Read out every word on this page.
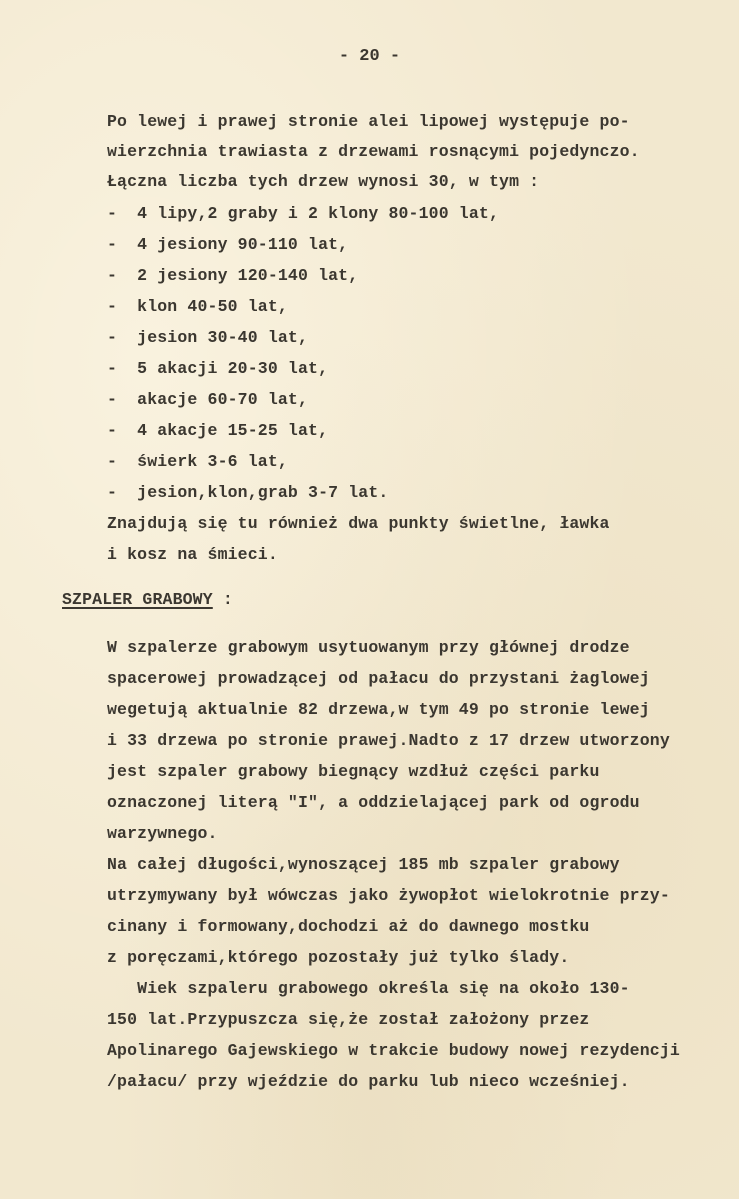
- 20 -
Po lewej i prawej stronie alei lipowej występuje po-
wierzchnia trawiasta z drzewami rosnącymi pojedynczo.
Łączna liczba tych drzew wynosi 30, w tym :
-  4 lipy,2 graby i 2 klony 80-100 lat,
-  4 jesiony 90-110 lat,
-  2 jesiony 120-140 lat,
-  klon 40-50 lat,
-  jesion 30-40 lat,
-  5 akacji 20-30 lat,
-  akacje 60-70 lat,
-  4 akacje 15-25 lat,
-  świerk 3-6 lat,
-  jesion,klon,grab 3-7 lat.
Znajdują się tu również dwa punkty świetlne, ławka
i kosz na śmieci.
SZPALER GRABOWY :
W szpalerze grabowym usytuowanym przy głównej drodze
spacerowej prowadzącej od pałacu do przystani żaglowej
wegetują aktualnie 82 drzewa,w tym 49 po stronie lewej
i 33 drzewa po stronie prawej.Nadto z 17 drzew utworzony
jest szpaler grabowy biegnący wzdłuż części parku
oznaczonej literą "I", a oddzielającej park od ogrodu
warzywnego.
Na całej długości,wynoszącej 185 mb szpaler grabowy
utrzymywany był wówczas jako żywopłot wielokrotnie przy-
cinany i formowany,dochodzi aż do dawnego mostku
z poręczami,którego pozostały już tylko ślady.
Wiek szpaleru grabowego określa się na około 130-
150 lat.Przypuszcza się,że został założony przez
Apolinarego Gajewskiego w trakcie budowy nowej rezydencji
/pałacu/ przy wjeździe do parku lub nieco wcześniej.
